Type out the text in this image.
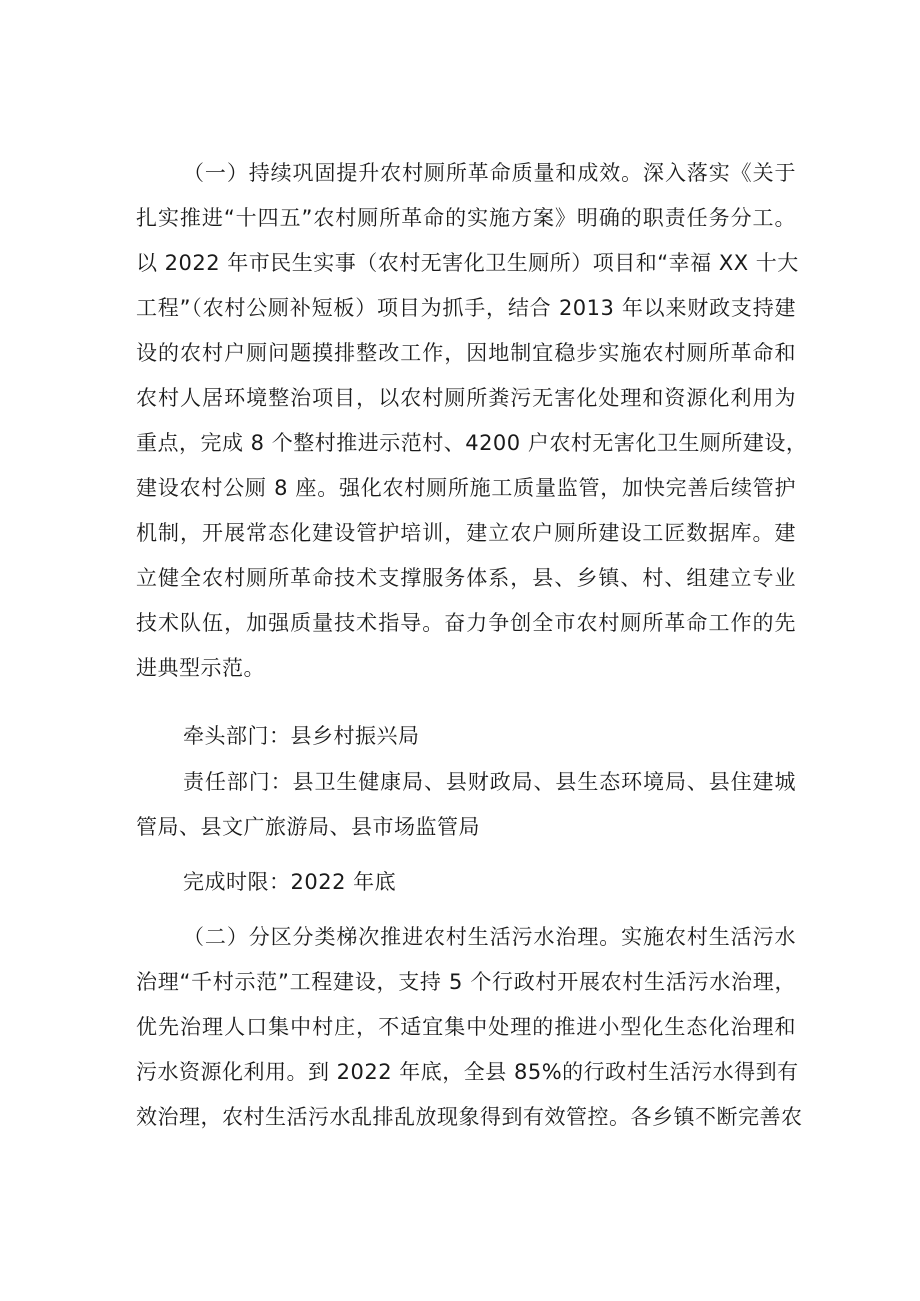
（一）持续巩固提升农村厕所革命质量和成效。深入落实《关于
扎实推进“十四五”农村厕所革命的实施方案》明确的职责任务分工。
以 2022 年市民生实事（农村无害化卫生厕所）项目和“幸福 XX 十大
工程”（农村公厕补短板）项目为抓手，结合 2013 年以来财政支持建
设的农村户厕问题摸排整改工作，因地制宜稳步实施农村厕所革命和
农村人居环境整治项目，以农村厕所粪污无害化处理和资源化利用为
重点，完成 8 个整村推进示范村、4200 户农村无害化卫生厕所建设，
建设农村公厕 8 座。强化农村厕所施工质量监管，加快完善后续管护
机制，开展常态化建设管护培训，建立农户厕所建设工匠数据库。建
立健全农村厕所革命技术支撑服务体系，县、乡镇、村、组建立专业
技术队伍，加强质量技术指导。奋力争创全市农村厕所革命工作的先
进典型示范。
牵头部门：县乡村振兴局
责任部门：县卫生健康局、县财政局、县生态环境局、县住建城
管局、县文广旅游局、县市场监管局
完成时限：2022 年底
（二）分区分类梯次推进农村生活污水治理。实施农村生活污水
治理“千村示范”工程建设，支持 5 个行政村开展农村生活污水治理，
优先治理人口集中村庄，不适宜集中处理的推进小型化生态化治理和
污水资源化利用。到 2022 年底，全县 85%的行政村生活污水得到有
效治理，农村生活污水乱排乱放现象得到有效管控。各乡镇不断完善农
